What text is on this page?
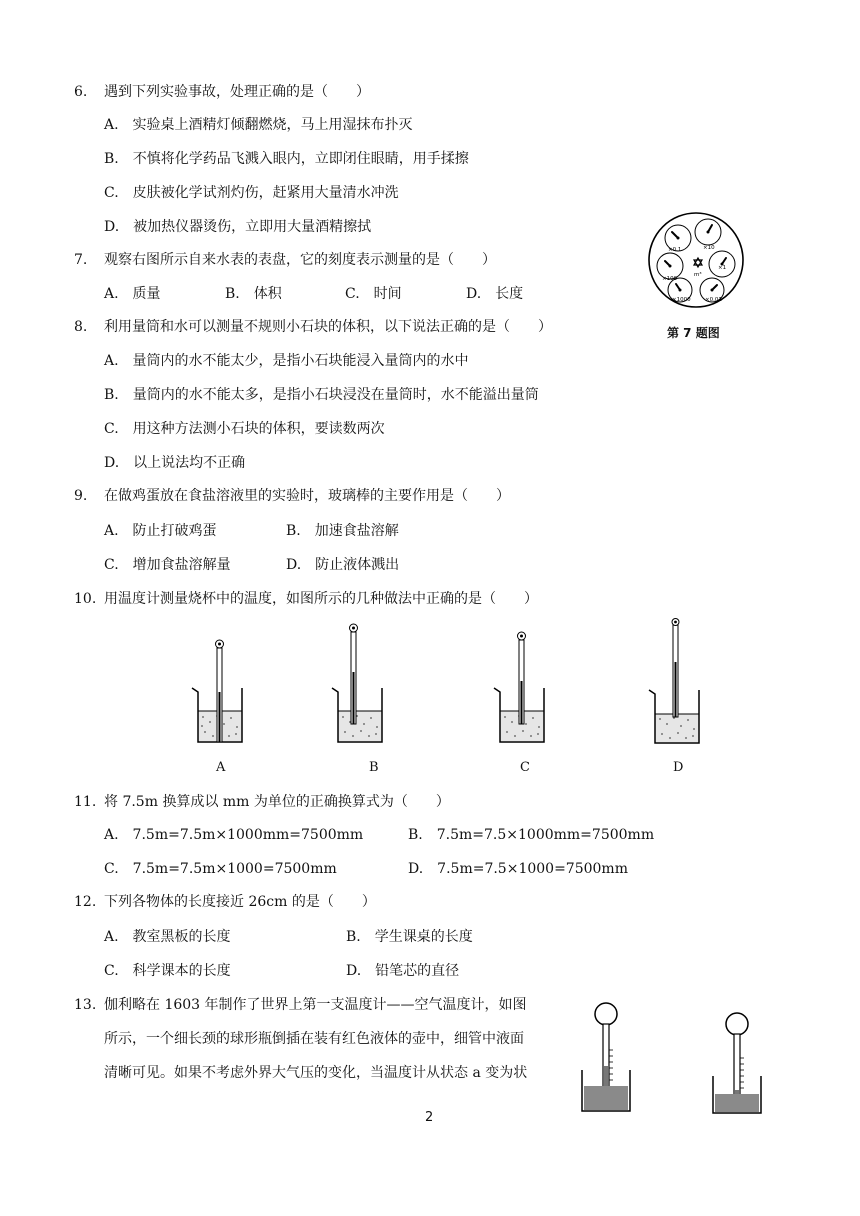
6. 遇到下列实验事故，处理正确的是（　　）
A.　实验桌上酒精灯倾翻燃烧，马上用湿抹布扑灭
B.　不慎将化学药品飞溅入眼内，立即闭住眼睛，用手揉擦
C.　皮肤被化学试剂灼伤，赶紧用大量清水冲洗
D.　被加热仪器烫伤，立即用大量酒精擦拭
7. 观察右图所示自来水表的表盘，它的刻度表示测量的是（　　）
A.　质量	B.　体积	C.　时间	D.　长度
×0.1	×10
×100
×1
×1000	×0.01
m³
第 7 题图
8. 利用量筒和水可以测量不规则小石块的体积，以下说法正确的是（　　）
A.　量筒内的水不能太少，是指小石块能浸入量筒内的水中
B.　量筒内的水不能太多，是指小石块浸没在量筒时，水不能溢出量筒
C.　用这种方法测小石块的体积，要读数两次
D.　以上说法均不正确
9. 在做鸡蛋放在食盐溶液里的实验时，玻璃棒的主要作用是（　　）
A.　防止打破鸡蛋	B.　加速食盐溶解
C.　增加食盐溶解量	D.　防止液体溅出
10. 用温度计测量烧杯中的温度，如图所示的几种做法中正确的是（　　）
A	B	C	D
11. 将 7.5m 换算成以 mm 为单位的正确换算式为（　　）
A.　7.5m=7.5m×1000mm=7500mm	B.　7.5m=7.5×1000mm=7500mm
C.　7.5m=7.5m×1000=7500mm	D.　7.5m=7.5×1000=7500mm
12. 下列各物体的长度接近 26cm 的是（　　）
A.　教室黑板的长度	B.　学生课桌的长度
C.　科学课本的长度	D.　铅笔芯的直径
13. 伽利略在 1603 年制作了世界上第一支温度计——空气温度计，如图
所示，一个细长颈的球形瓶倒插在装有红色液体的壶中，细管中液面
清晰可见。如果不考虑外界大气压的变化，当温度计从状态 a 变为状
2
